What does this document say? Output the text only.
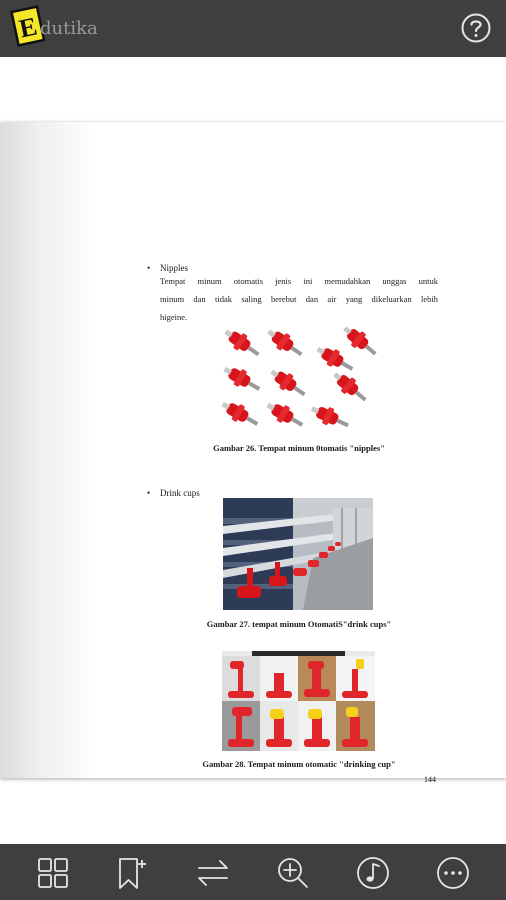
E dutika
• Nipples
Tempat minum otomatis jenis ini memudahkan unggas untuk
minum dan tidak saling berebut dan air yang dikeluarkan lebih
higeine.
Gambar 26. Tempat minum 0tomatis "nipples"
• Drink cups
Gambar 27. tempat minum OtomatiS"drink cups"
Gambar 28. Tempat minum otomatic "drinking cup"
144
